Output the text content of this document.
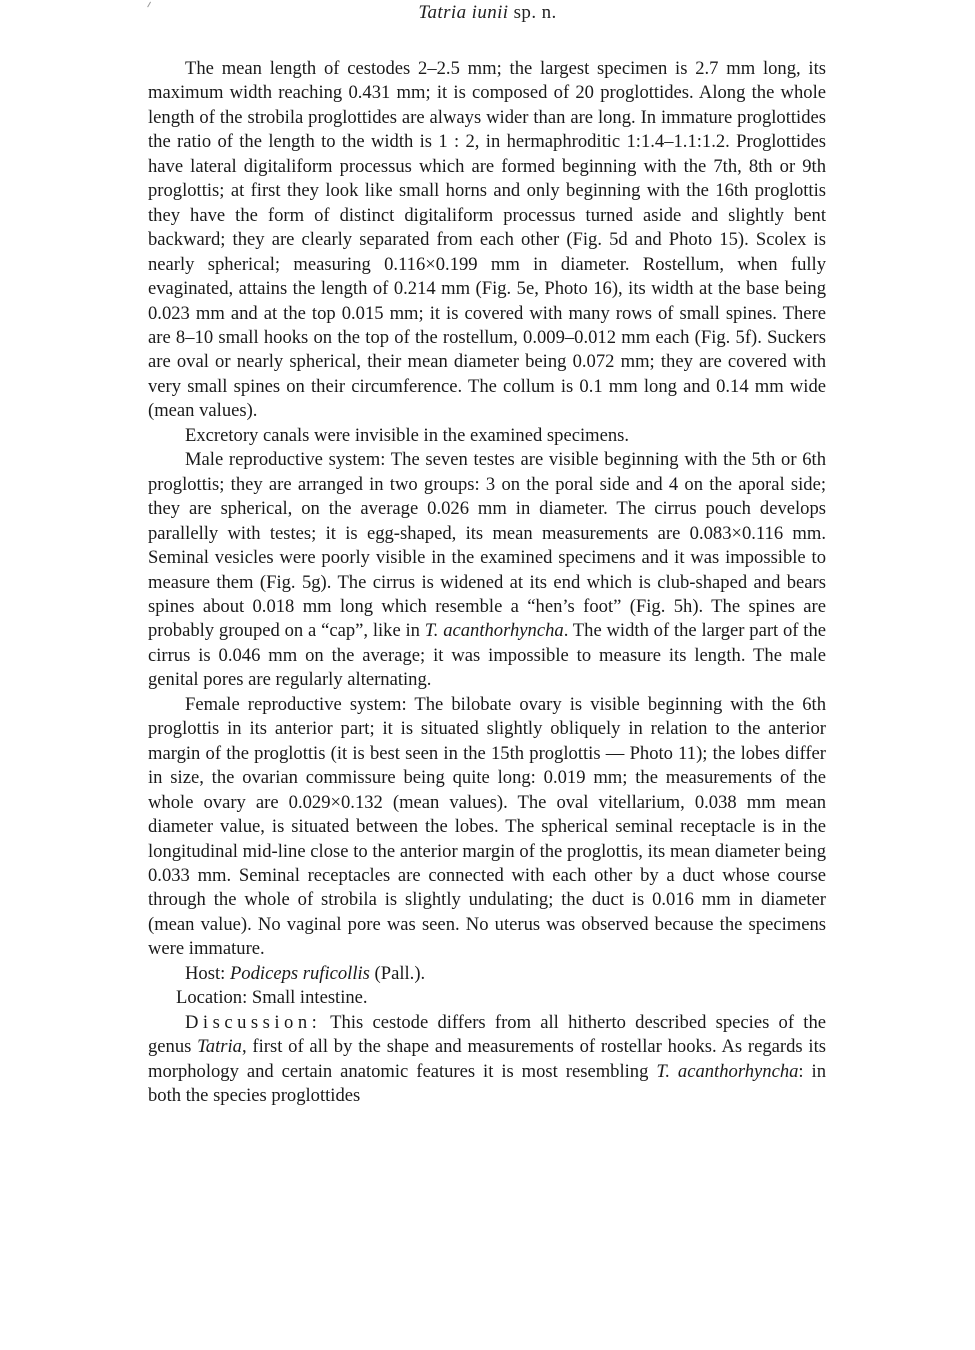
Tatria iunii sp. n.

The mean length of cestodes 2–2.5 mm; the largest specimen is 2.7 mm long, its maximum width reaching 0.431 mm; it is composed of 20 proglottides. Along the whole length of the strobila proglottides are always wider than are long. In immature proglottides the ratio of the length to the width is 1 : 2, in hermaphroditic 1:1.4–1.1:1.2. Proglottides have lateral digitaliform processus which are formed beginning with the 7th, 8th or 9th proglottis; at first they look like small horns and only beginning with the 16th proglottis they have the form of distinct digitaliform processus turned aside and slightly bent backward; they are clearly separated from each other (Fig. 5d and Photo 15). Scolex is nearly spherical; measuring 0.116×0.199 mm in diameter. Rostellum, when fully evaginated, attains the length of 0.214 mm (Fig. 5e, Photo 16), its width at the base being 0.023 mm and at the top 0.015 mm; it is covered with many rows of small spines. There are 8–10 small hooks on the top of the rostellum, 0.009–0.012 mm each (Fig. 5f). Suckers are oval or nearly spherical, their mean diameter being 0.072 mm; they are covered with very small spines on their circumference. The collum is 0.1 mm long and 0.14 mm wide (mean values).

Excretory canals were invisible in the examined specimens.

Male reproductive system: The seven testes are visible beginning with the 5th or 6th proglottis; they are arranged in two groups: 3 on the poral side and 4 on the aporal side; they are spherical, on the average 0.026 mm in diameter. The cirrus pouch develops parallelly with testes; it is egg-shaped, its mean measurements are 0.083×0.116 mm. Seminal vesicles were poorly visible in the examined specimens and it was impossible to measure them (Fig. 5g). The cirrus is widened at its end which is club-shaped and bears spines about 0.018 mm long which resemble a “hen’s foot” (Fig. 5h). The spines are probably grouped on a “cap”, like in T. acanthorhyncha. The width of the larger part of the cirrus is 0.046 mm on the average; it was impossible to measure its length. The male genital pores are regularly alternating.

Female reproductive system: The bilobate ovary is visible beginning with the 6th proglottis in its anterior part; it is situated slightly obliquely in relation to the anterior margin of the proglottis (it is best seen in the 15th proglottis — Photo 11); the lobes differ in size, the ovarian commissure being quite long: 0.019 mm; the measurements of the whole ovary are 0.029×0.132 (mean values). The oval vitellarium, 0.038 mm mean diameter value, is situated between the lobes. The spherical seminal receptacle is in the longitudinal mid-line close to the anterior margin of the proglottis, its mean diameter being 0.033 mm. Seminal receptacles are connected with each other by a duct whose course through the whole of strobila is slightly undulating; the duct is 0.016 mm in diameter (mean value). No vaginal pore was seen. No uterus was observed because the specimens were immature.

Host: Podiceps ruficollis (Pall.).

Location: Small intestine.

Discussion: This cestode differs from all hitherto described species of the genus Tatria, first of all by the shape and measurements of rostellar hooks. As regards its morphology and certain anatomic features it is most resembling T. acanthorhyncha: in both the species proglottides
